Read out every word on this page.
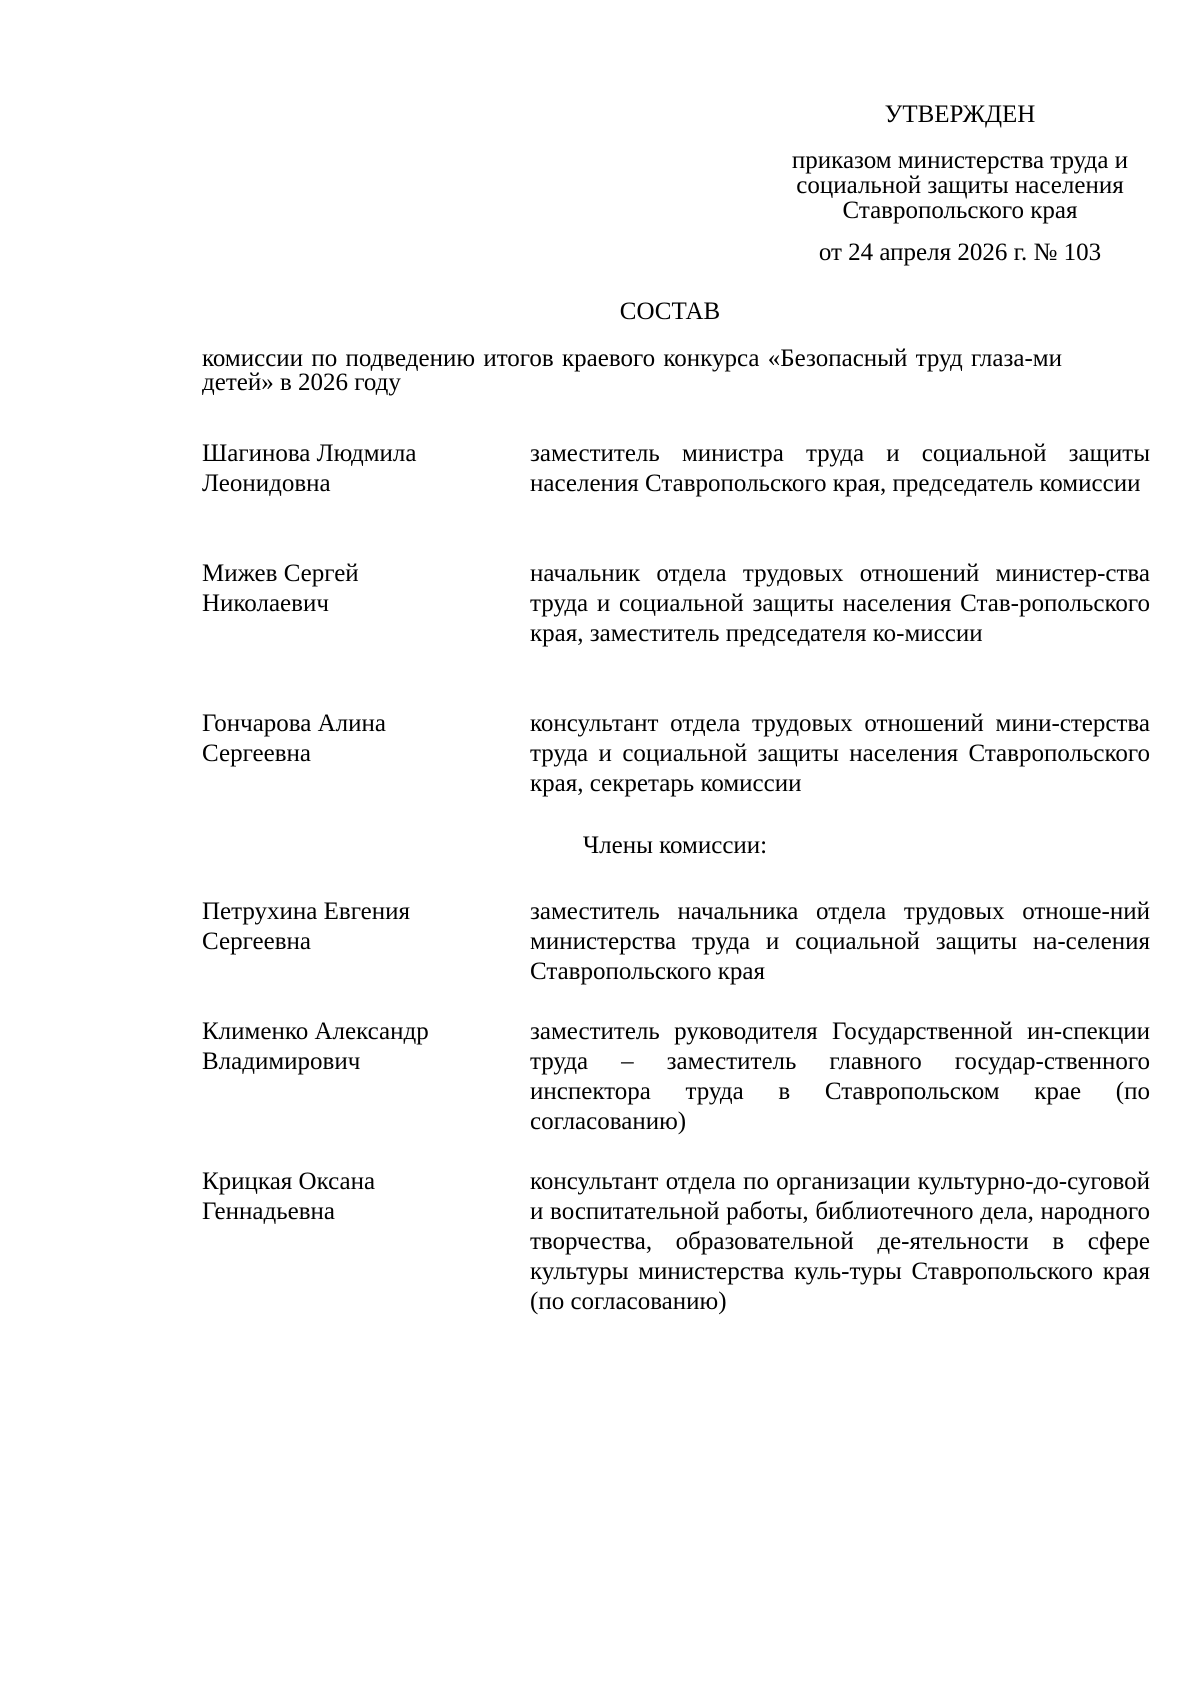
УТВЕРЖДЕН
приказом министерства труда и социальной защиты населения Ставропольского края
от 24 апреля 2026 г. № 103
СОСТАВ
комиссии по подведению итогов краевого конкурса «Безопасный труд глаза-ми детей» в 2026 году
Шагинова Людмила
Леонидовна
заместитель министра труда и социальной защиты населения Ставропольского края, председатель комиссии
Мижев Сергей
Николаевич
начальник отдела трудовых отношений министер-ства труда и социальной защиты населения Став-ропольского края, заместитель председателя ко-миссии
Гончарова Алина
Сергеевна
консультант отдела трудовых отношений мини-стерства труда и социальной защиты населения Ставропольского края, секретарь комиссии
Члены комиссии:
Петрухина Евгения
Сергеевна
заместитель начальника отдела трудовых отноше-ний министерства труда и социальной защиты на-селения Ставропольского края
Клименко Александр
Владимирович
заместитель руководителя Государственной ин-спекции труда – заместитель главного государ-ственного инспектора труда в Ставропольском крае (по согласованию)
Крицкая Оксана
Геннадьевна
консультант отдела по организации культурно-до-суговой и воспитательной работы, библиотечного дела, народного творчества, образовательной де-ятельности в сфере культуры министерства куль-туры Ставропольского края (по согласованию)
